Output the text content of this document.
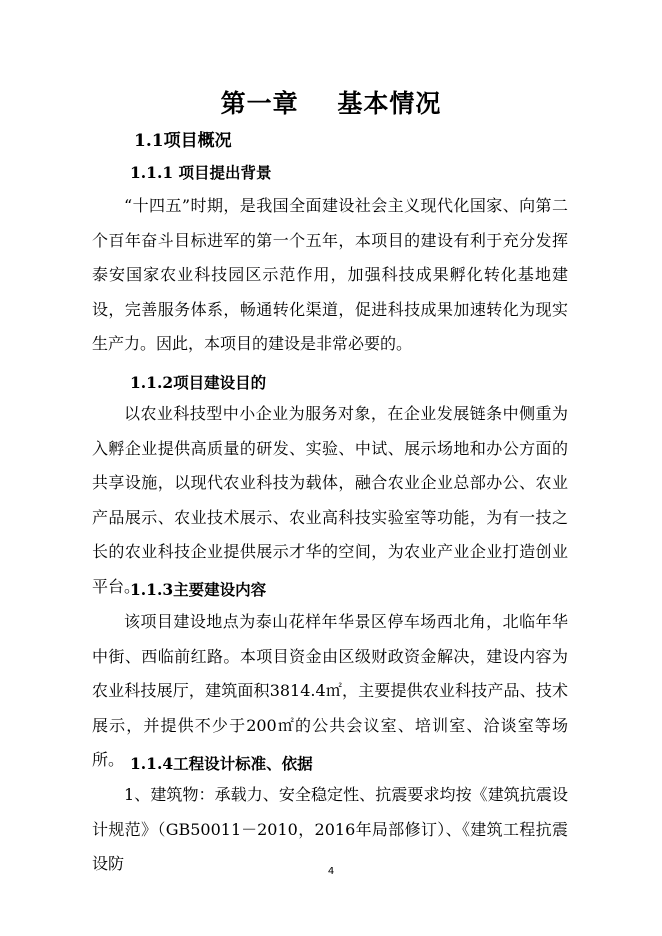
第一章    基本情况
1.1项目概况
1.1.1 项目提出背景

“十四五”时期，是我国全面建设社会主义现代化国家、向第二个百年奋斗目标进军的第一个五年，本项目的建设有利于充分发挥泰安国家农业科技园区示范作用，加强科技成果孵化转化基地建设，完善服务体系，畅通转化渠道，促进科技成果加速转化为现实生产力。因此，本项目的建设是非常必要的。

1.1.2项目建设目的

以农业科技型中小企业为服务对象，在企业发展链条中侧重为入孵企业提供高质量的研发、实验、中试、展示场地和办公方面的共享设施，以现代农业科技为载体，融合农业企业总部办公、农业产品展示、农业技术展示、农业高科技实验室等功能，为有一技之长的农业科技企业提供展示才华的空间，为农业产业企业打造创业平台。

1.1.3主要建设内容

该项目建设地点为泰山花样年华景区停车场西北角，北临年华中街、西临前红路。本项目资金由区级财政资金解决，建设内容为农业科技展厅，建筑面积3814.4㎡，主要提供农业科技产品、技术展示，并提供不少于200㎡的公共会议室、培训室、洽谈室等场所。 1.1.4工程设计标准、依据

1、建筑物：承载力、安全稳定性、抗震要求均按《建筑抗震设计规范》（GB50011－2010，2016年局部修订）、《建筑工程抗震设防	4
